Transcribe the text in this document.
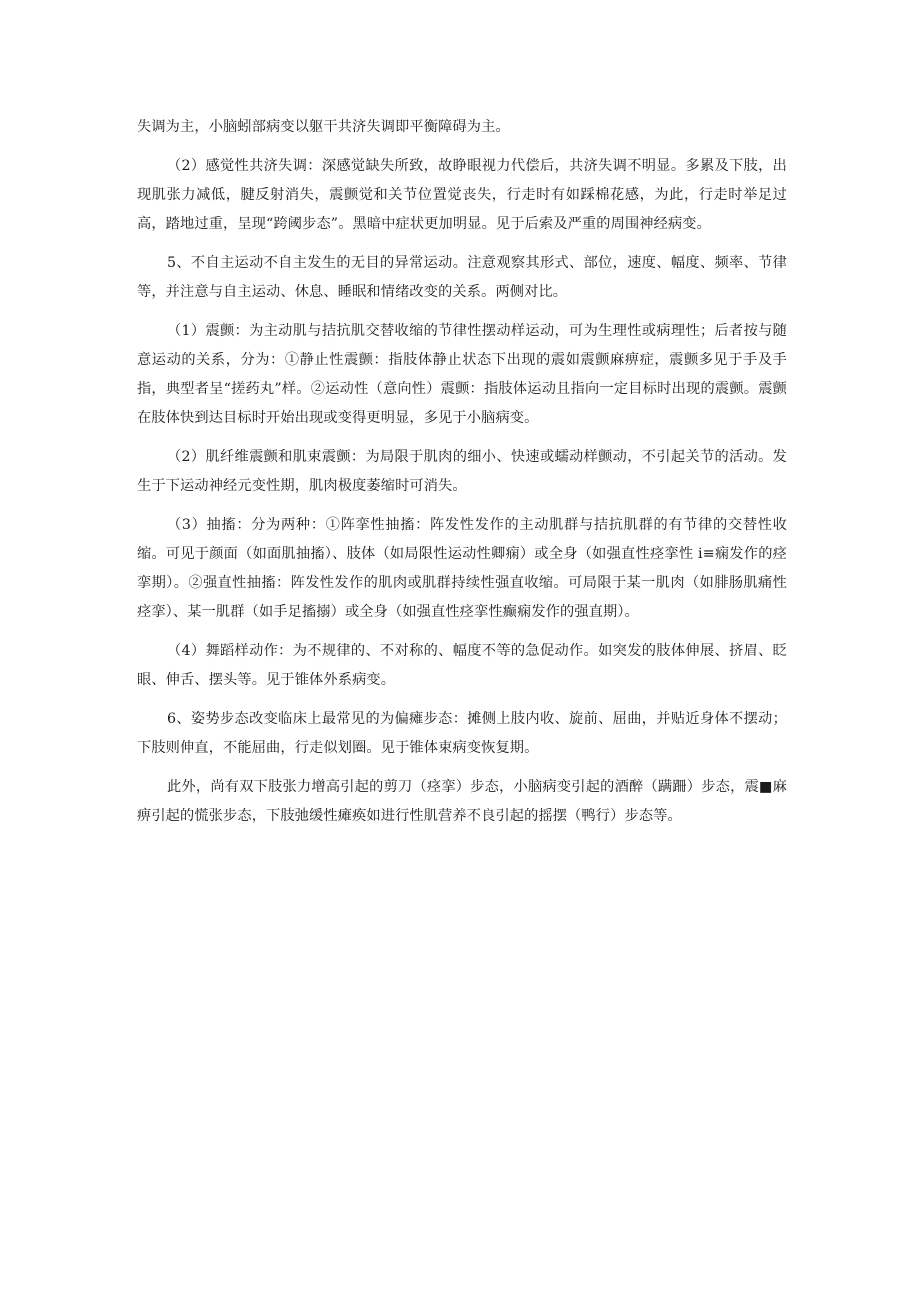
失调为主，小脑蚓部病变以躯干共济失调即平衡障碍为主。

（2）感觉性共济失调：深感觉缺失所致，故睁眼视力代偿后，共济失调不明显。多累及下肢，出现肌张力减低，腱反射消失，震颤觉和关节位置觉丧失，行走时有如踩棉花感，为此，行走时举足过高，踏地过重，呈现“跨阈步态”。黑暗中症状更加明显。见于后索及严重的周围神经病变。

5、不自主运动不自主发生的无目的异常运动。注意观察其形式、部位，速度、幅度、频率、节律等，并注意与自主运动、休息、睡眠和情绪改变的关系。两侧对比。

（1）震颤：为主动肌与拮抗肌交替收缩的节律性摆动样运动，可为生理性或病理性；后者按与随意运动的关系，分为：①静止性震颤：指肢体静止状态下出现的震如震颤麻痹症，震颤多见于手及手指，典型者呈“搓药丸”样。②运动性（意向性）震颤：指肢体运动且指向一定目标时出现的震颤。震颤在肢体快到达目标时开始出现或变得更明显，多见于小脑病变。

（2）肌纤维震颤和肌束震颤：为局限于肌肉的细小、快速或蠕动样颤动，不引起关节的活动。发生于下运动神经元变性期，肌肉极度萎缩时可消失。

（3）抽搐：分为两种：①阵挛性抽搐：阵发性发作的主动肌群与拮抗肌群的有节律的交替性收缩。可见于颜面（如面肌抽搐）、肢体（如局限性运动性卿痫）或全身（如强直性痉挛性 i≡痫发作的痉挛期）。②强直性抽搐：阵发性发作的肌肉或肌群持续性强直收缩。可局限于某一肌肉（如腓肠肌痛性痉挛）、某一肌群（如手足搐搦）或全身（如强直性痉挛性癫痫发作的强直期）。

（4）舞蹈样动作：为不规律的、不对称的、幅度不等的急促动作。如突发的肢体伸展、挤眉、眨眼、伸舌、摆头等。见于锥体外系病变。

6、姿势步态改变临床上最常见的为偏瘫步态：摊侧上肢内收、旋前、屈曲，并贴近身体不摆动；下肢则伸直，不能屈曲，行走似划圈。见于锥体束病变恢复期。

此外，尚有双下肢张力增高引起的剪刀（痉挛）步态，小脑病变引起的酒醉（蹒跚）步态，震■麻痹引起的慌张步态，下肢弛缓性瘫痪如进行性肌营养不良引起的摇摆（鸭行）步态等。
